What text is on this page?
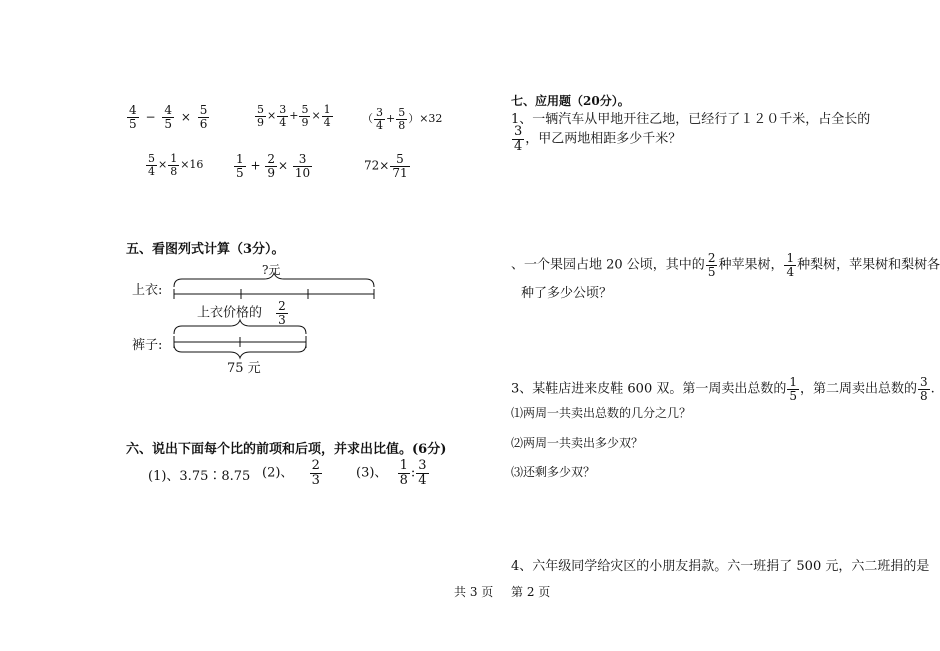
$\frac{4}{5} - \frac{4}{5} \times \frac{5}{6}$	$\frac{5}{9} \times \frac{3}{4} + \frac{5}{9} \times \frac{1}{4}$	（ $\frac{3}{4} + \frac{5}{8} )\times 32$
$\frac{5}{4} \times \frac{1}{8} \times 16$	$\frac{1}{5} + \frac{2}{9} \times \frac{3}{10}$	$72\times \frac{5}{71}$
五、看图列式计算（3分）。
?元
上衣:
上衣价格的 $\frac{2}{3}$
裤子:
75 元
六、说出下面每个比的前项和后项，并求出比值。(6分)
(1)、3.75∶8.75 (2)、 $\frac{2}{3}$	(3)、 $\frac{1}{8}$ : $\frac{3}{4}$
七、应用题（20分）。
1、一辆汽车从甲地开往乙地，已经行了１２０千米，占全长的
$\frac{3}{4}$ ，甲乙两地相距多少千米？
、一个果园占地 20 公顷，其中的 $\frac{2}{5}$ 种苹果树， $\frac{1}{4}$ 种梨树，苹果树和梨树各
种了多少公顷？
3、某鞋店进来皮鞋 600 双。第一周卖出总数的 $\frac{1}{5}$ ，第二周卖出总数的 $\frac{3}{8}$ .
⑴两周一共卖出总数的几分之几？
⑵两周一共卖出多少双？
⑶还剩多少双？
4、六年级同学给灾区的小朋友捐款。六一班捐了 500 元，六二班捐的是
共 3 页 第 2 页
